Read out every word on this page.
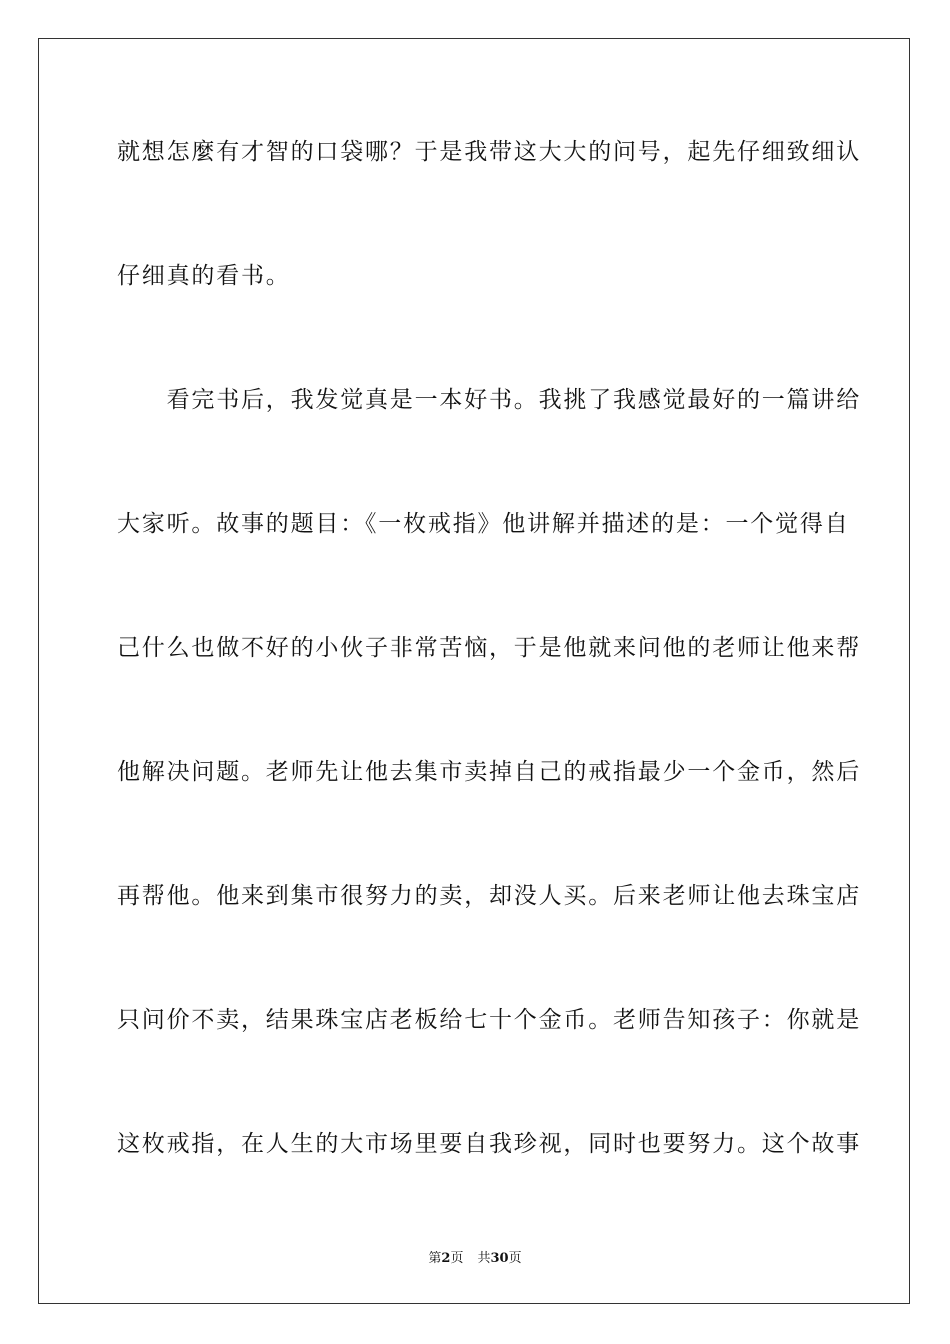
就想怎麼有才智的口袋哪？于是我带这大大的问号，起先仔细致细认
仔细真的看书。
　　看完书后，我发觉真是一本好书。我挑了我感觉最好的一篇讲给
大家听。故事的题目：《一枚戒指》他讲解并描述的是：一个觉得自
己什么也做不好的小伙子非常苦恼，于是他就来问他的老师让他来帮
他解决问题。老师先让他去集市卖掉自己的戒指最少一个金币，然后
再帮他。他来到集市很努力的卖，却没人买。后来老师让他去珠宝店
只问价不卖，结果珠宝店老板给七十个金币。老师告知孩子：你就是
这枚戒指，在人生的大市场里要自我珍视，同时也要努力。这个故事
第2页 共30页
